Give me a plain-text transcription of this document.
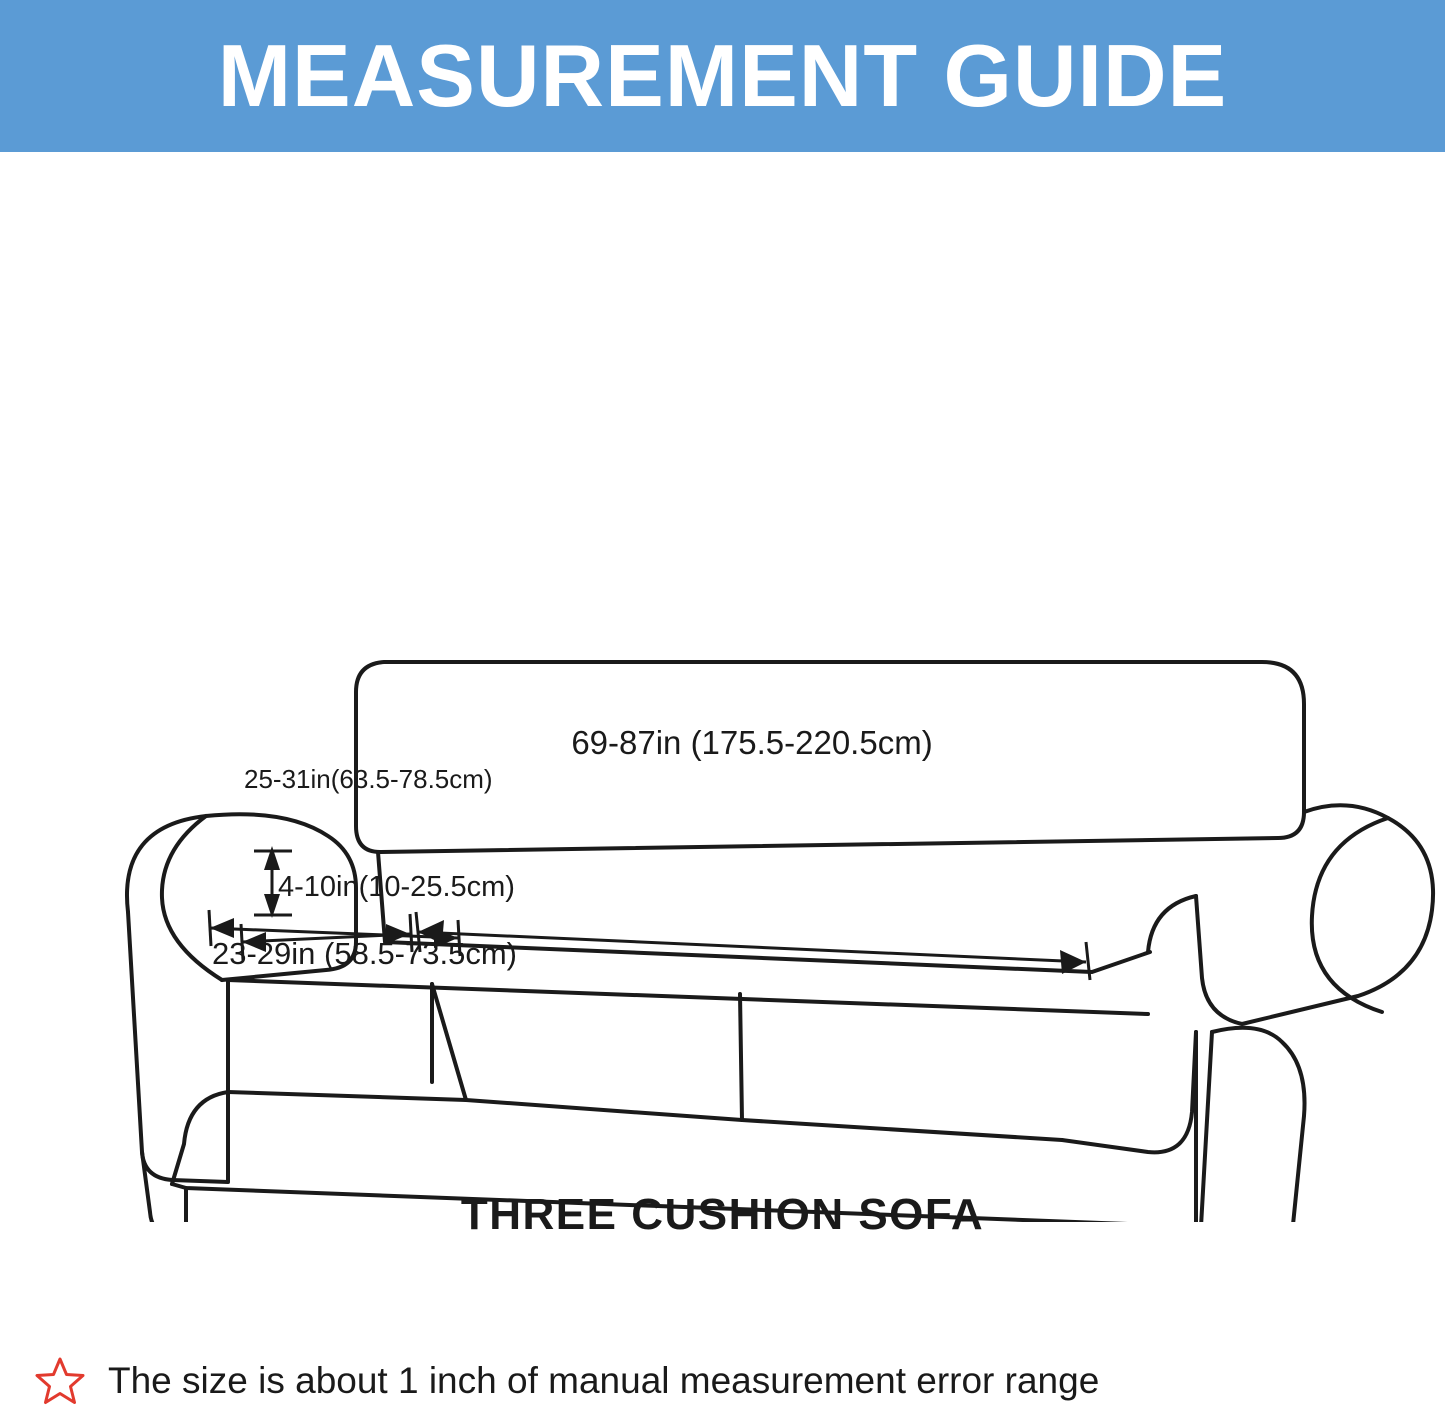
MEASUREMENT GUIDE
69-87in (175.5-220.5cm)
25-31in(63.5-78.5cm)
4-10in(10-25.5cm)
23-29in (58.5-73.5cm)
THREE CUSHION SOFA
The size is about 1 inch of manual measurement error range
